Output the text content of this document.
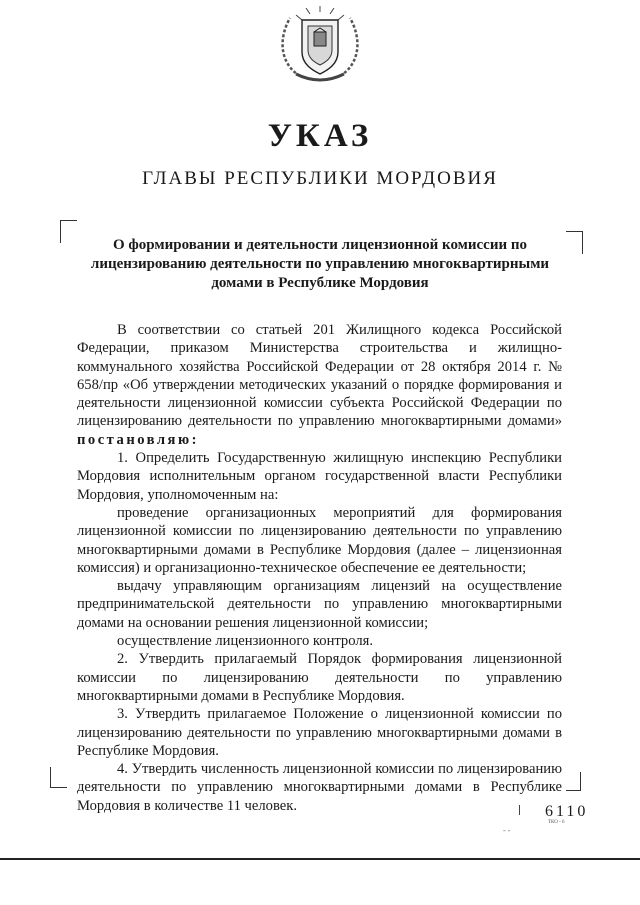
УКАЗ
ГЛАВЫ РЕСПУБЛИКИ МОРДОВИЯ
О формировании и деятельности лицензионной комиссии по
лицензированию деятельности по управлению многоквартирными
домами в Республике Мордовия

В соответствии со статьей 201 Жилищного кодекса Российской Федерации, приказом Министерства строительства и жилищно-коммунального хозяйства Российской Федерации от 28 октября 2014 г. № 658/пр «Об утверждении методических указаний о порядке формирования и деятельности лицензионной комиссии субъекта Российской Федерации по лицензированию деятельности по управлению многоквартирными домами» постановляю:

1. Определить Государственную жилищную инспекцию Республики Мордовия исполнительным органом государственной власти Республики Мордовия, уполномоченным на:

проведение организационных мероприятий для формирования лицензионной комиссии по лицензированию деятельности по управлению многоквартирными домами в Республике Мордовия (далее – лицензионная комиссия) и организационно-техническое обеспечение ее деятельности;

выдачу управляющим организациям лицензий на осуществление предпринимательской деятельности по управлению многоквартирными домами на основании решения лицензионной комиссии;

осуществление лицензионного контроля.

2. Утвердить прилагаемый Порядок формирования лицензионной комиссии по лицензированию деятельности по управлению многоквартирными домами в Республике Мордовия.

3. Утвердить прилагаемое Положение о лицензионной комиссии по лицензированию деятельности по управлению многоквартирными домами в Республике Мордовия.

4. Утвердить численность лицензионной комиссии по лицензированию деятельности по управлению многоквартирными домами в Республике Мордовия в количестве 11 человек.

- -
6110
ТКО - 6
